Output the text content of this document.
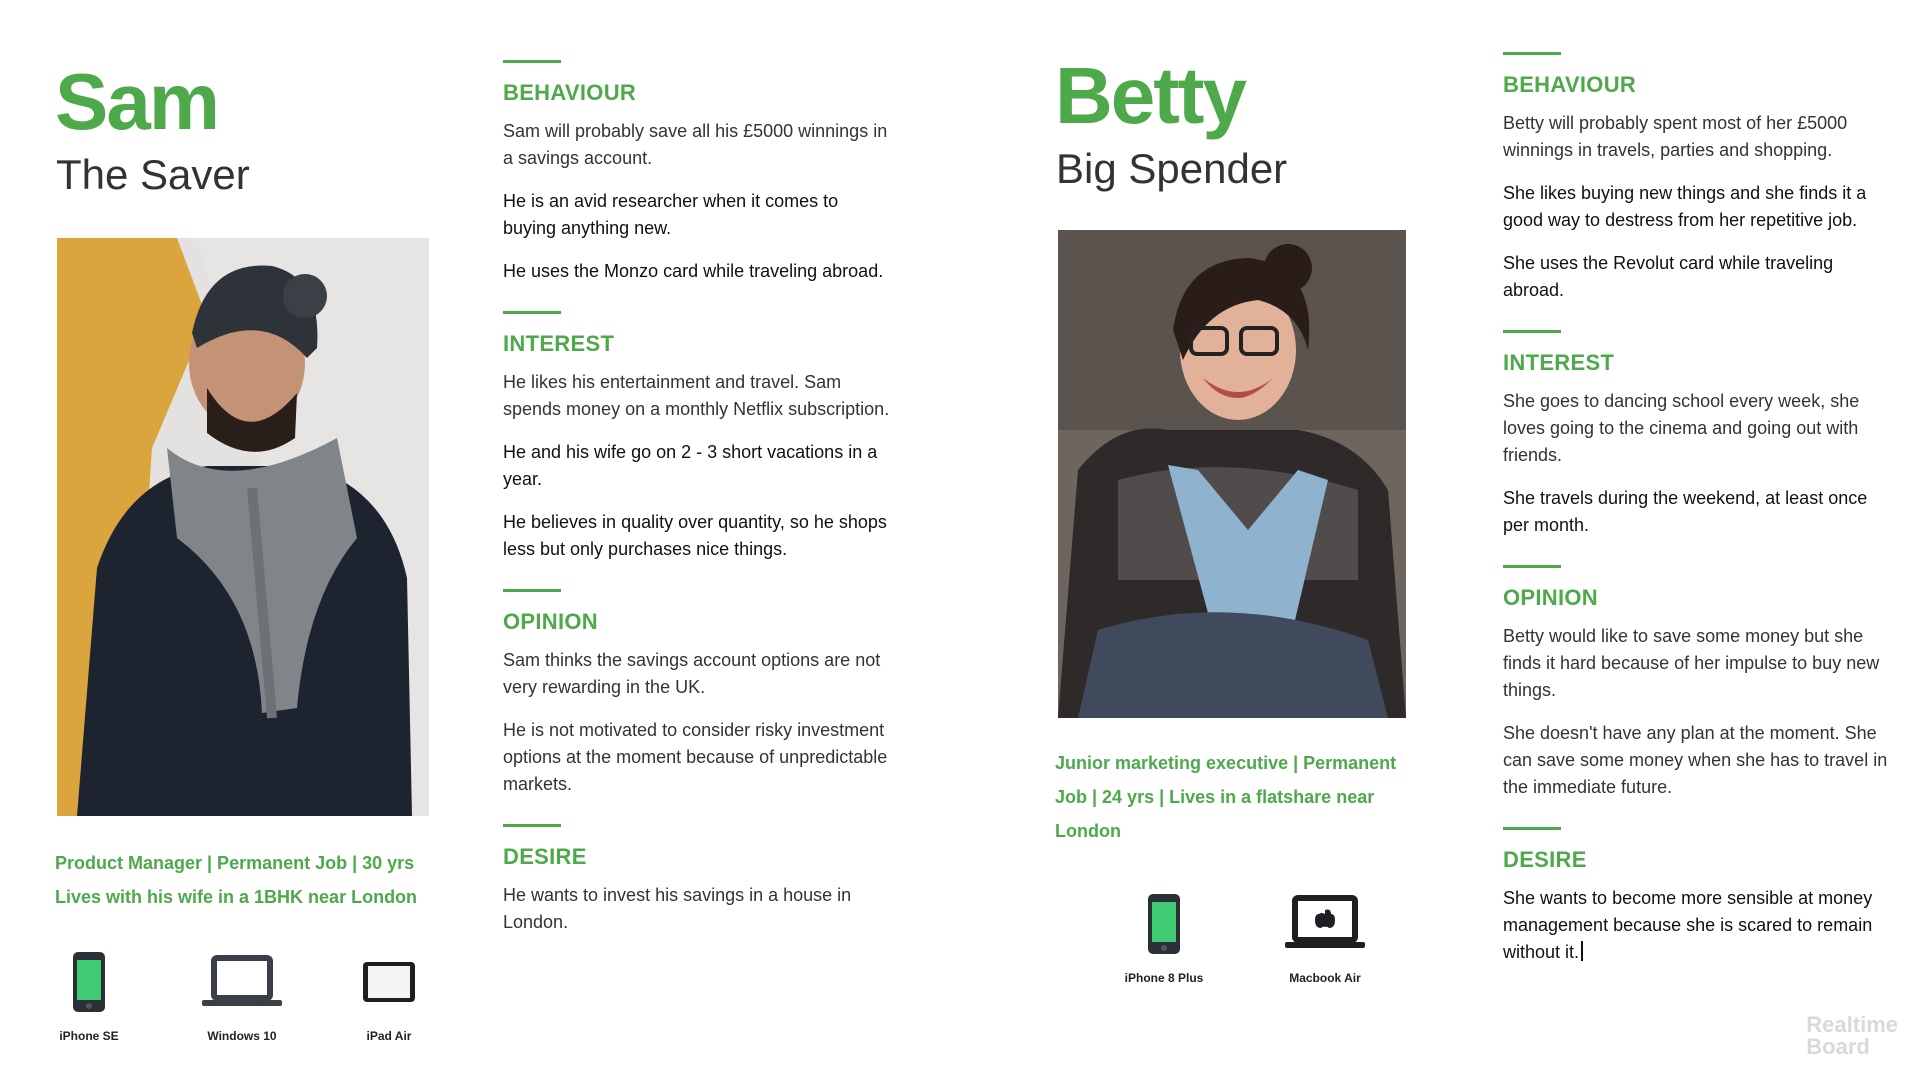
Sam
The Saver
Product Manager | Permanent Job | 30 yrs
Lives with his wife in a 1BHK near London
iPhone SE	Windows 10	iPad Air
BEHAVIOUR

Sam will probably save all his £5000 winnings in a savings account.

He is an avid researcher when it comes to buying anything new.

He uses the Monzo card while traveling abroad.

INTEREST

He likes his entertainment and travel. Sam spends money on a monthly Netflix subscription.

He and his wife go on 2 - 3 short vacations in a year.

He believes in quality over quantity, so he shops less but only purchases nice things.

OPINION

Sam thinks the savings account options are not very rewarding in the UK.

He is not motivated to consider risky investment options at the moment because of unpredictable markets.

DESIRE

He wants to invest his savings in a house in London.

Betty
Big Spender
Junior marketing executive | Permanent
Job | 24 yrs | Lives in a flatshare near
London
iPhone 8 Plus	Macbook Air
BEHAVIOUR

Betty will probably spent most of her £5000 winnings in travels, parties and shopping.

She likes buying new things and she finds it a good way to destress from her repetitive job.

She uses the Revolut card while traveling abroad.

INTEREST

She goes to dancing school every week, she loves going to the cinema and going out with friends.

She travels during the weekend, at least once per month.

OPINION

Betty would like to save some money but she finds it hard because of her impulse to buy new things.

She doesn't have any plan at the moment. She can save some money when she has to travel in the immediate future.

DESIRE

She wants to become more sensible at money management because she is scared to remain without it.

Realtime
Board
